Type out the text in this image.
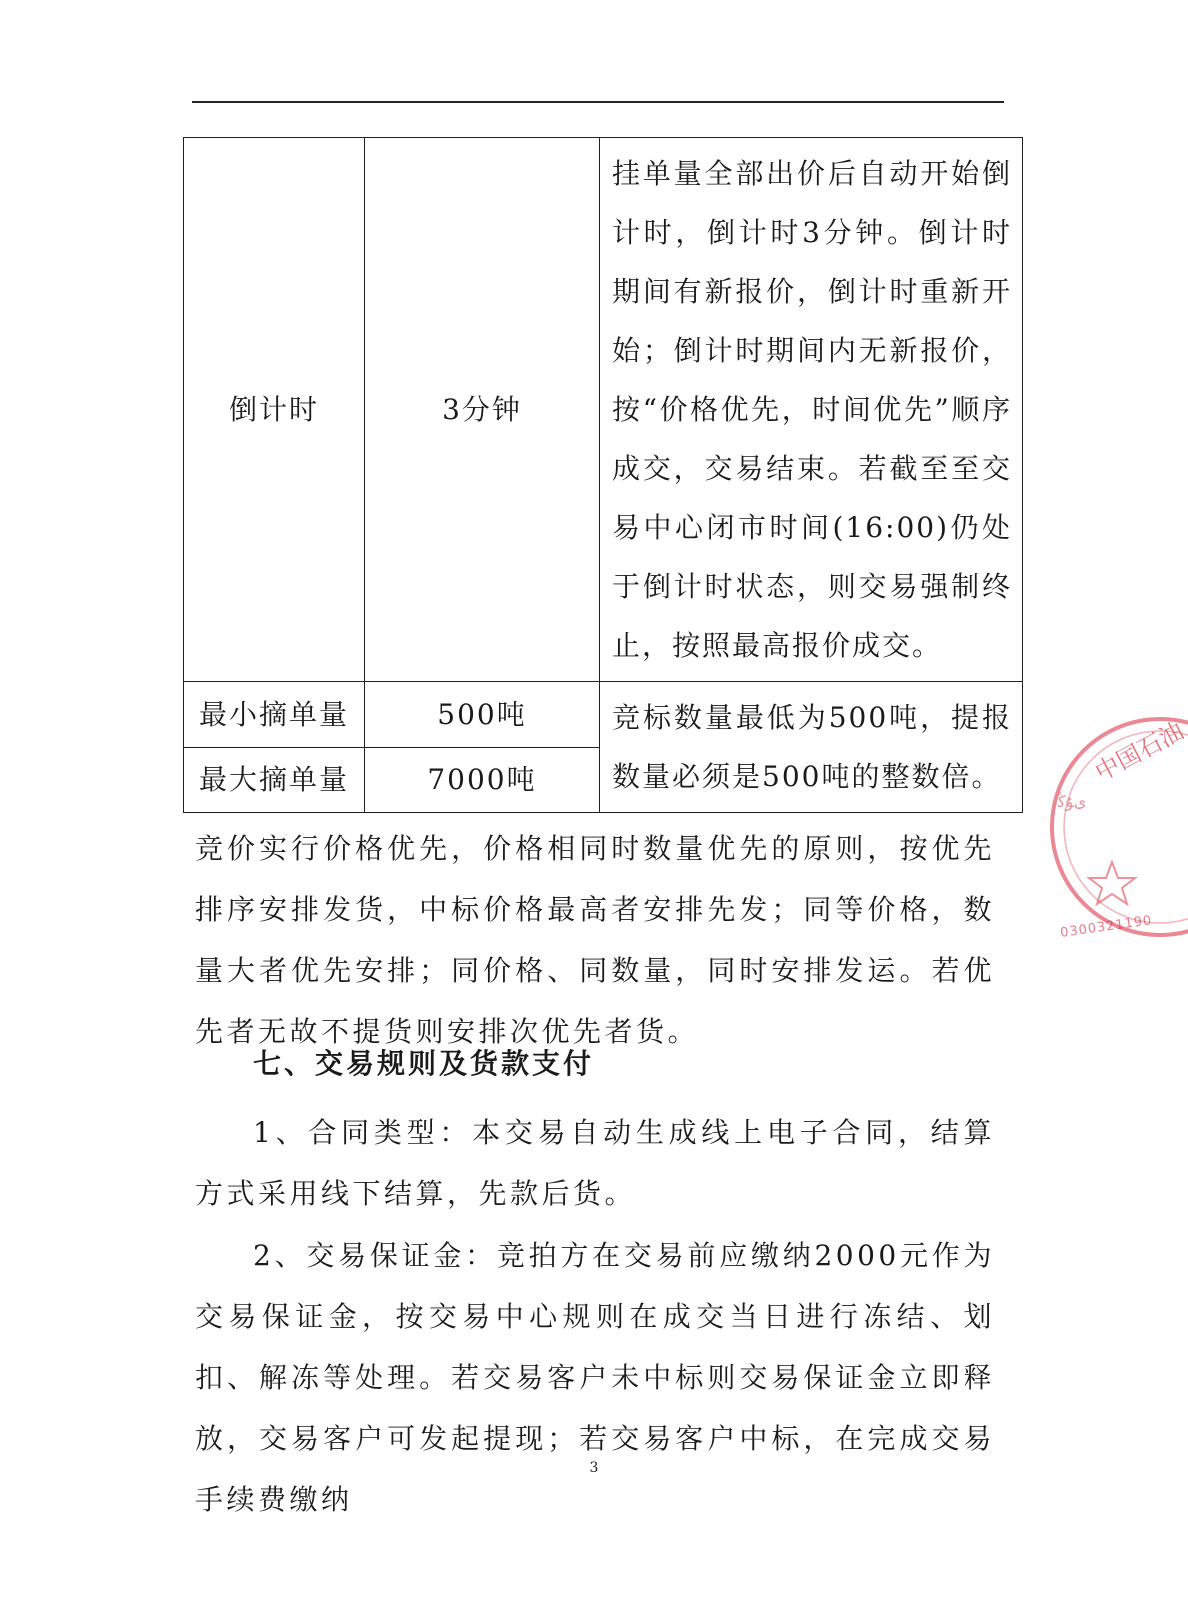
倒计时	3分钟	挂单量全部出价后自动开始倒计时，倒计时3分钟。倒计时期间有新报价，倒计时重新开始；倒计时期间内无新报价，按“价格优先，时间优先”顺序成交，交易结束。若截至至交易中心闭市时间(16:00)仍处于倒计时状态，则交易强制终止，按照最高报价成交。
最小摘单量	500吨	竞标数量最低为500吨，提报数量必须是500吨的整数倍。
最大摘单量	7000吨	

竞价实行价格优先，价格相同时数量优先的原则，按优先排序安排发货，中标价格最高者安排先发；同等价格，数量大者优先安排；同价格、同数量，同时安排发运。若优先者无故不提货则安排次优先者货。

七、交易规则及货款支付

1、合同类型：本交易自动生成线上电子合同，结算方式采用线下结算，先款后货。

2、交易保证金：竞拍方在交易前应缴纳2000元作为交易保证金，按交易中心规则在成交当日进行冻结、划扣、解冻等处理。若交易客户未中标则交易保证金立即释放，交易客户可发起提现；若交易客户中标，在完成交易手续费缴纳

3
中国石油
ﻯﯘﯕ
0300321190
